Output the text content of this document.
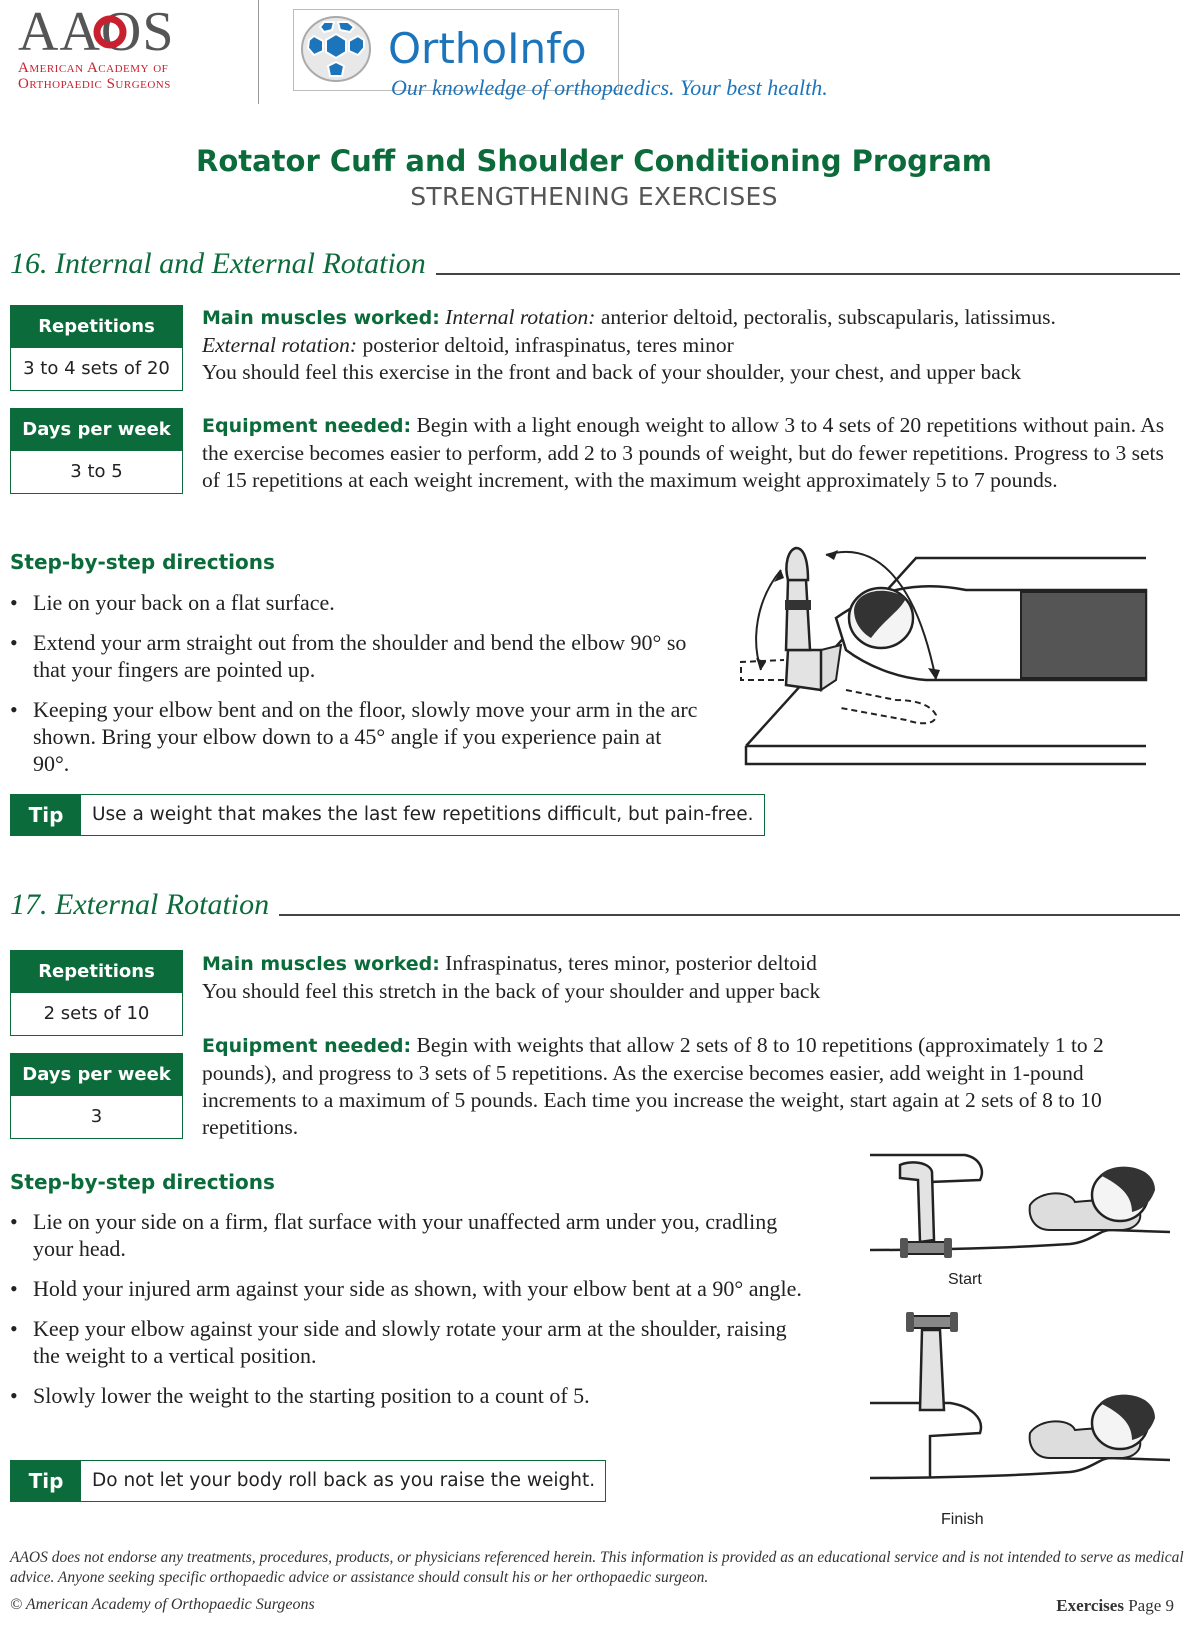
AAOS
American Academy of
Orthopaedic Surgeons
OrthoInfo
Our knowledge of orthopaedics. Your best health.
Rotator Cuff and Shoulder Conditioning Program
STRENGTHENING EXERCISES
16. Internal and External Rotation
Repetitions
3 to 4 sets of 20
Days per week
3 to 5
Main muscles worked: Internal rotation: anterior deltoid, pectoralis, subscapularis, latissimus.
External rotation: posterior deltoid, infraspinatus, teres minor
You should feel this exercise in the front and back of your shoulder, your chest, and upper back
Equipment needed: Begin with a light enough weight to allow 3 to 4 sets of 20 repetitions without pain. As the exercise becomes easier to perform, add 2 to 3 pounds of weight, but do fewer repetitions. Progress to 3 sets of 15 repetitions at each weight increment, with the maximum weight approximately 5 to 7 pounds.
Step-by-step directions
• Lie on your back on a flat surface.
• Extend your arm straight out from the shoulder and bend the elbow 90° so that your fingers are pointed up.
• Keeping your elbow bent and on the floor, slowly move your arm in the arc shown. Bring your elbow down to a 45° angle if you experience pain at 90°.
Tip	Use a weight that makes the last few repetitions difficult, but pain-free.
17. External Rotation
Repetitions
2 sets of 10
Days per week
3
Main muscles worked: Infraspinatus, teres minor, posterior deltoid
You should feel this stretch in the back of your shoulder and upper back
Equipment needed: Begin with weights that allow 2 sets of 8 to 10 repetitions (approximately 1 to 2 pounds), and progress to 3 sets of 5 repetitions. As the exercise becomes easier, add weight in 1-pound increments to a maximum of 5 pounds. Each time you increase the weight, start again at 2 sets of 8 to 10 repetitions.
Step-by-step directions
• Lie on your side on a firm, flat surface with your unaffected arm under you, cradling your head.
• Hold your injured arm against your side as shown, with your elbow bent at a 90° angle.
• Keep your elbow against your side and slowly rotate your arm at the shoulder, raising the weight to a vertical position.
• Slowly lower the weight to the starting position to a count of 5.
Tip	Do not let your body roll back as you raise the weight.
Start
Finish
AAOS does not endorse any treatments, procedures, products, or physicians referenced herein. This information is provided as an educational service and is not intended to serve as medical advice. Anyone seeking specific orthopaedic advice or assistance should consult his or her orthopaedic surgeon.
© American Academy of Orthopaedic Surgeons	Exercises Page 9
